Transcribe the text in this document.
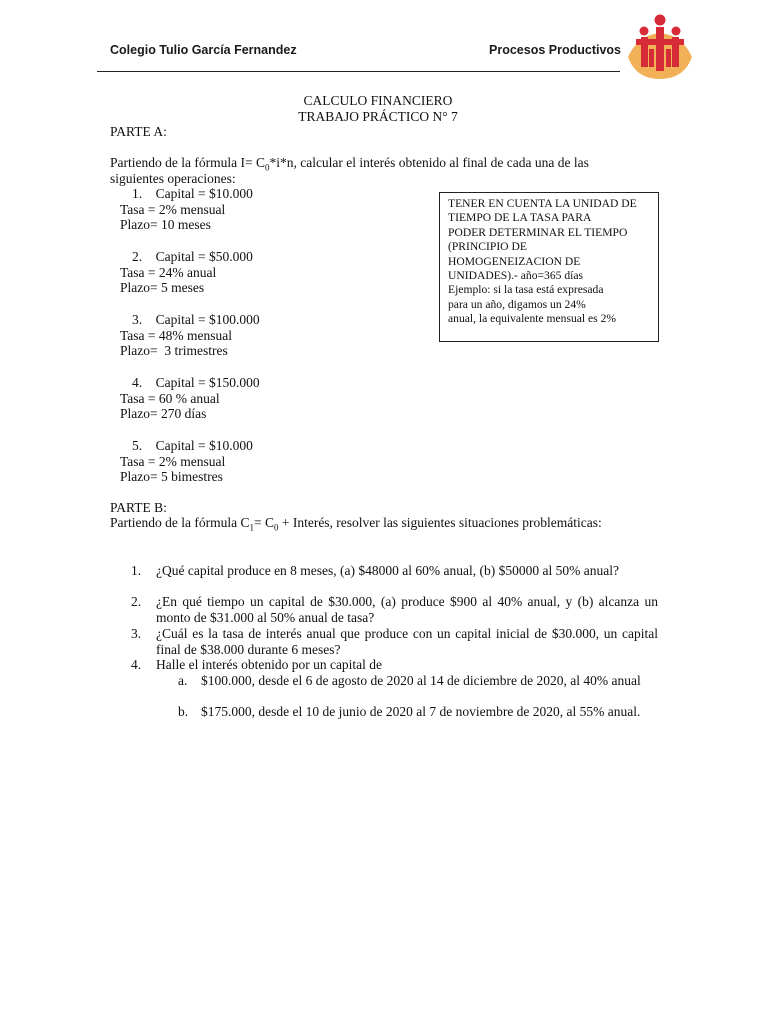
Colegio Tulio García Fernandez	Procesos Productivos
CALCULO FINANCIERO
TRABAJO PRÁCTICO N° 7
PARTE A:
Partiendo de la fórmula $I= C_0*i*n$, calcular el interés obtenido al final de cada una de las
siguientes operaciones:
1. Capital = $10.000
Tasa = 2% mensual
Plazo= 10 meses
2. Capital = $50.000
Tasa = 24% anual
Plazo= 5 meses
3. Capital = $100.000
Tasa = 48% mensual
Plazo=  3 trimestres
4. Capital = $150.000
Tasa = 60 % anual
Plazo= 270 días
5. Capital = $10.000
Tasa = 2% mensual
Plazo= 5 bimestres
TENER EN CUENTA LA UNIDAD DE
TIEMPO DE LA TASA PARA
PODER DETERMINAR EL TIEMPO
(PRINCIPIO DE
HOMOGENEIZACION DE
UNIDADES).- año=365 días
Ejemplo: si la tasa está expresada
para un año, digamos un 24%
anual, la equivalente mensual es 2%
PARTE B:
Partiendo de la fórmula $C_1= C_0$ + Interés, resolver las siguientes situaciones problemáticas:
1. ¿Qué capital produce en 8 meses, (a) $48000 al 60% anual, (b) $50000 al 50% anual?
2. ¿En qué tiempo un capital de $30.000, (a) produce $900 al 40% anual, y (b) alcanza un monto de $31.000 al 50% anual de tasa?
3. ¿Cuál es la tasa de interés anual que produce con un capital inicial de $30.000, un capital final de $38.000 durante 6 meses?
4. Halle el interés obtenido por un capital de
a. $100.000, desde el 6 de agosto de 2020 al 14 de diciembre de 2020, al 40% anual
b. $175.000, desde el 10 de junio de 2020 al 7 de noviembre de 2020, al 55% anual.
